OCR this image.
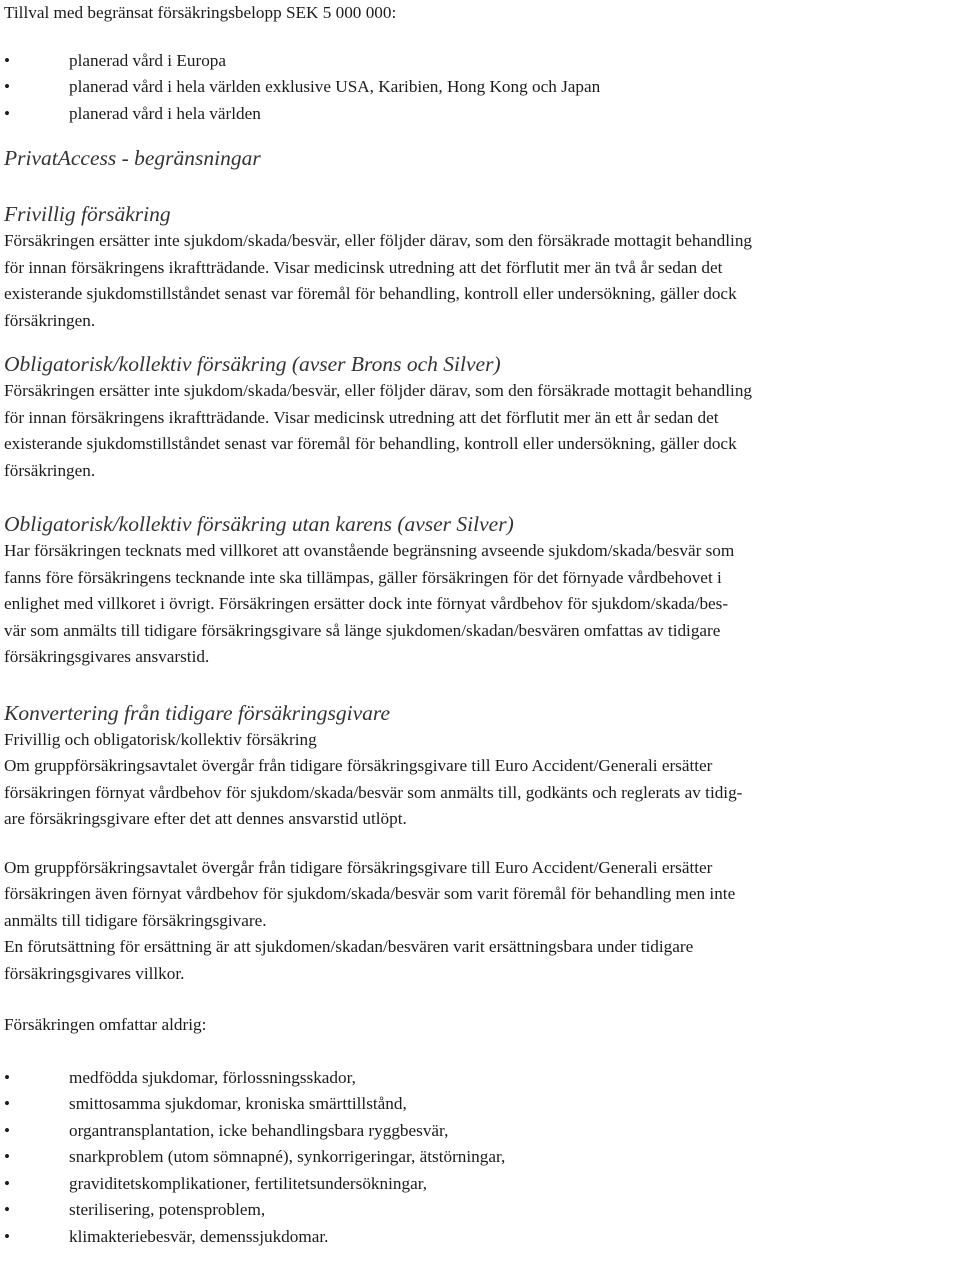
Tillval med begränsat försäkringsbelopp SEK 5 000 000:

•	planerad vård i Europa
•	planerad vård i hela världen exklusive USA, Karibien, Hong Kong och Japan
•	planerad vård i hela världen
PrivatAccess - begränsningar
Frivillig försäkring

Försäkringen ersätter inte sjukdom/skada/besvär, eller följder därav, som den försäkrade mottagit behandling

för innan försäkringens ikraftträdande. Visar medicinsk utredning att det förflutit mer än två år sedan det

existerande sjukdomstillståndet senast var föremål för behandling, kontroll eller undersökning, gäller dock

försäkringen.

Obligatorisk/kollektiv försäkring (avser Brons och Silver)

Försäkringen ersätter inte sjukdom/skada/besvär, eller följder därav, som den försäkrade mottagit behandling

för innan försäkringens ikraftträdande. Visar medicinsk utredning att det förflutit mer än ett år sedan det

existerande sjukdomstillståndet senast var föremål för behandling, kontroll eller undersökning, gäller dock

försäkringen.

Obligatorisk/kollektiv försäkring utan karens (avser Silver)

Har försäkringen tecknats med villkoret att ovanstående begränsning avseende sjukdom/skada/besvär som

fanns före försäkringens tecknande inte ska tillämpas, gäller försäkringen för det förnyade vårdbehovet i

enlighet med villkoret i övrigt. Försäkringen ersätter dock inte förnyat vårdbehov för sjukdom/skada/bes-

vär som anmälts till tidigare försäkringsgivare så länge sjukdomen/skadan/besvären omfattas av tidigare

försäkringsgivares ansvarstid.

Konvertering från tidigare försäkringsgivare

Frivillig och obligatorisk/kollektiv försäkring

Om gruppförsäkringsavtalet övergår från tidigare försäkringsgivare till Euro Accident/Generali ersätter

försäkringen förnyat vårdbehov för sjukdom/skada/besvär som anmälts till, godkänts och reglerats av tidig-

are försäkringsgivare efter det att dennes ansvarstid utlöpt.

Om gruppförsäkringsavtalet övergår från tidigare försäkringsgivare till Euro Accident/Generali ersätter

försäkringen även förnyat vårdbehov för sjukdom/skada/besvär som varit föremål för behandling men inte

anmälts till tidigare försäkringsgivare.

En förutsättning för ersättning är att sjukdomen/skadan/besvären varit ersättningsbara under tidigare

försäkringsgivares villkor.

Försäkringen omfattar aldrig:

•	medfödda sjukdomar, förlossningsskador,
•	smittosamma sjukdomar, kroniska smärttillstånd,
•	organtransplantation, icke behandlingsbara ryggbesvär,
•	snarkproblem (utom sömnapné), synkorrigeringar, ätstörningar,
•	graviditetskomplikationer, fertilitetsundersökningar,
•	sterilisering, potensproblem,
•	klimakteriebesvär, demenssjukdomar.
